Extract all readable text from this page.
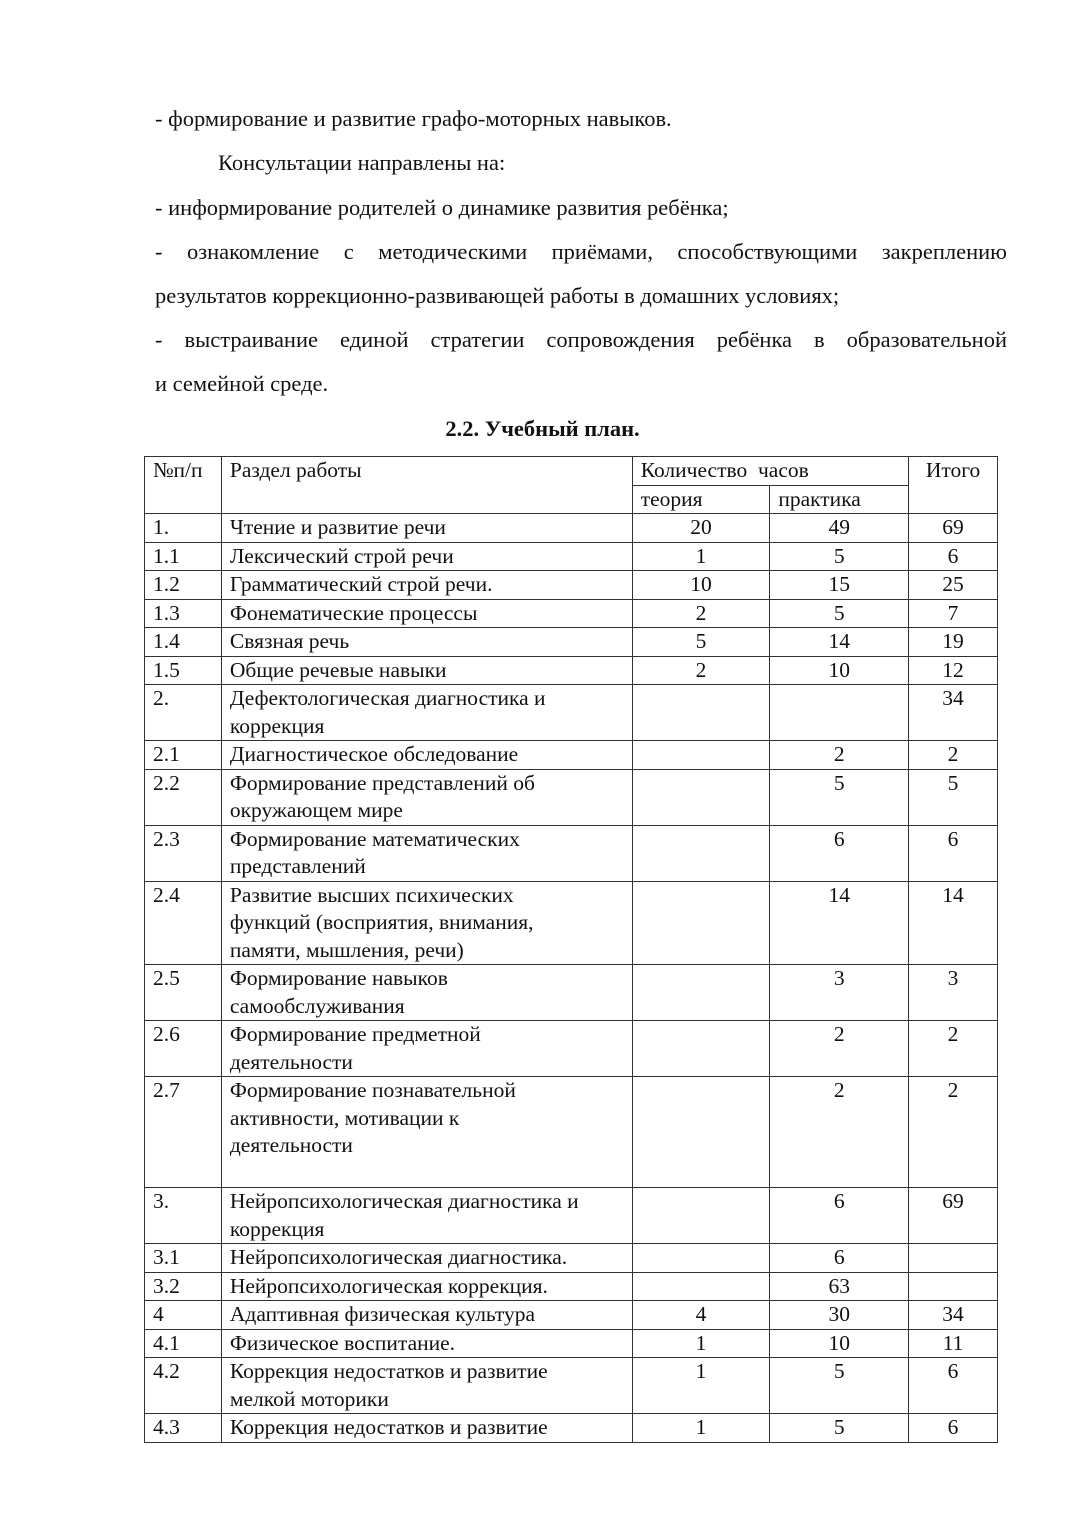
- формирование и развитие графо-моторных навыков.
Консультации направлены на:
- информирование родителей о динамике развития ребёнка;
- ознакомление с методическими приёмами, способствующими закреплению
результатов коррекционно-развивающей работы в домашних условиях;
- выстраивание единой стратегии сопровождения ребёнка в образовательной
и семейной среде.
2.2. Учебный план.
№п/п	Раздел работы	Количество  часов		Итого
		теория	практика	
1.	Чтение и развитие речи	20	49	69
1.1	Лексический строй речи	1	5	6
1.2	Грамматический строй речи.	10	15	25
1.3	Фонематические процессы	2	5	7
1.4	Связная речь	5	14	19
1.5	Общие речевые навыки	2	10	12
2.	Дефектологическая диагностика и
коррекция			34
2.1	Диагностическое обследование		2	2
2.2	Формирование представлений об
окружающем мире		5	5
2.3	Формирование математических
представлений		6	6
2.4	Развитие высших психических
функций (восприятия, внимания,
памяти, мышления, речи)		14	14
2.5	Формирование навыков
самообслуживания		3	3
2.6	Формирование предметной
деятельности		2	2
2.7	Формирование познавательной
активности, мотивации к
деятельности		2	2
3.	Нейропсихологическая диагностика и
коррекция		6	69
3.1	Нейропсихологическая диагностика.		6	
3.2	Нейропсихологическая коррекция.		63	
4	Адаптивная физическая культура	4	30	34
4.1	Физическое воспитание.	1	10	11
4.2	Коррекция недостатков и развитие
мелкой моторики	1	5	6
4.3	Коррекция недостатков и развитие	1	5	6
